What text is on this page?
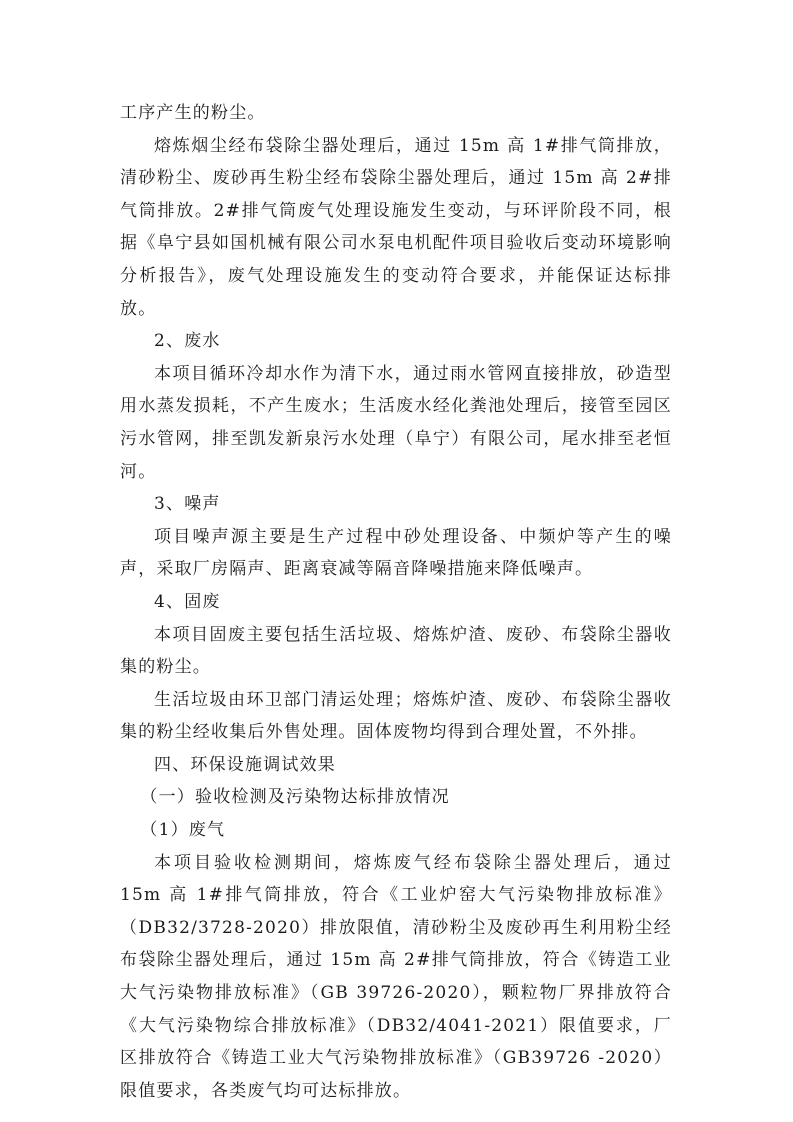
工序产生的粉尘。

熔炼烟尘经布袋除尘器处理后，通过 15m 高 1#排气筒排放，清砂粉尘、废砂再生粉尘经布袋除尘器处理后，通过 15m 高 2#排气筒排放。2#排气筒废气处理设施发生变动，与环评阶段不同，根据《阜宁县如国机械有限公司水泵电机配件项目验收后变动环境影响分析报告》，废气处理设施发生的变动符合要求，并能保证达标排放。

2、废水

本项目循环冷却水作为清下水，通过雨水管网直接排放，砂造型用水蒸发损耗，不产生废水；生活废水经化粪池处理后，接管至园区污水管网，排至凯发新泉污水处理（阜宁）有限公司，尾水排至老恒河。

3、噪声

项目噪声源主要是生产过程中砂处理设备、中频炉等产生的噪声，采取厂房隔声、距离衰减等隔音降噪措施来降低噪声。

4、固废

本项目固废主要包括生活垃圾、熔炼炉渣、废砂、布袋除尘器收集的粉尘。

生活垃圾由环卫部门清运处理；熔炼炉渣、废砂、布袋除尘器收集的粉尘经收集后外售处理。固体废物均得到合理处置，不外排。

四、环保设施调试效果

（一）验收检测及污染物达标排放情况

（1）废气

本项目验收检测期间，熔炼废气经布袋除尘器处理后，通过 15m 高 1#排气筒排放，符合《工业炉窑大气污染物排放标准》（DB32/3728-2020）排放限值，清砂粉尘及废砂再生利用粉尘经布袋除尘器处理后，通过 15m 高 2#排气筒排放，符合《铸造工业大气污染物排放标准》（GB 39726-2020），颗粒物厂界排放符合《大气污染物综合排放标准》（DB32/4041-2021）限值要求，厂区排放符合《铸造工业大气污染物排放标准》（GB39726 -2020）限值要求，各类废气均可达标排放。
